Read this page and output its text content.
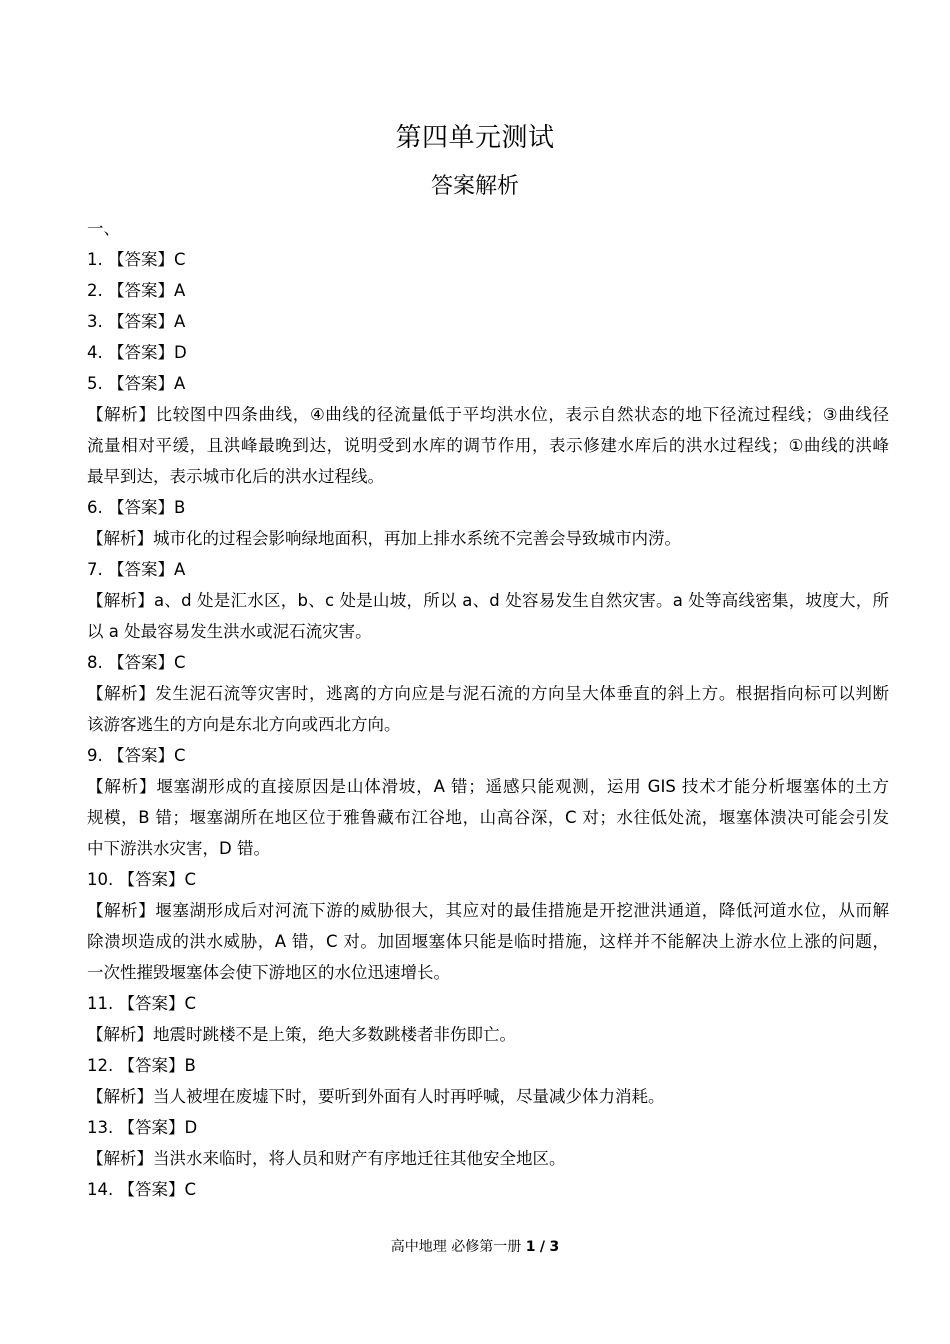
第四单元测试
答案解析
一、
1. 【答案】C
2. 【答案】A
3. 【答案】A
4. 【答案】D
5. 【答案】A
【解析】比较图中四条曲线，④曲线的径流量低于平均洪水位，表示自然状态的地下径流过程线；③曲线径
流量相对平缓，且洪峰最晚到达，说明受到水库的调节作用，表示修建水库后的洪水过程线；①曲线的洪峰
最早到达，表示城市化后的洪水过程线。
6. 【答案】B
【解析】城市化的过程会影响绿地面积，再加上排水系统不完善会导致城市内涝。
7. 【答案】A
【解析】a、d 处是汇水区，b、c 处是山坡，所以 a、d 处容易发生自然灾害。a 处等高线密集，坡度大，所
以 a 处最容易发生洪水或泥石流灾害。
8. 【答案】C
【解析】发生泥石流等灾害时，逃离的方向应是与泥石流的方向呈大体垂直的斜上方。根据指向标可以判断
该游客逃生的方向是东北方向或西北方向。
9. 【答案】C
【解析】堰塞湖形成的直接原因是山体滑坡，A 错；遥感只能观测，运用 GIS 技术才能分析堰塞体的土方
规模，B 错；堰塞湖所在地区位于雅鲁藏布江谷地，山高谷深，C 对；水往低处流，堰塞体溃决可能会引发
中下游洪水灾害，D 错。
10. 【答案】C
【解析】堰塞湖形成后对河流下游的威胁很大，其应对的最佳措施是开挖泄洪通道，降低河道水位，从而解
除溃坝造成的洪水威胁，A 错，C 对。加固堰塞体只能是临时措施，这样并不能解决上游水位上涨的问题，
一次性摧毁堰塞体会使下游地区的水位迅速增长。
11. 【答案】C
【解析】地震时跳楼不是上策，绝大多数跳楼者非伤即亡。
12. 【答案】B
【解析】当人被埋在废墟下时，要听到外面有人时再呼喊，尽量减少体力消耗。
13. 【答案】D
【解析】当洪水来临时，将人员和财产有序地迁往其他安全地区。
14. 【答案】C
高中地理 必修第一册 1 / 3
